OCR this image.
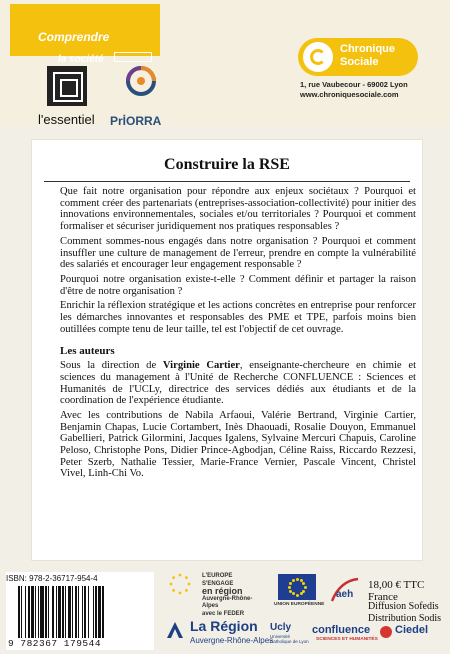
Comprendre
la société
Chronique Sociale
1, rue Vaubecour - 69002 Lyon
www.chroniquesociale.com
l'essentiel PrİORRA
Construire la RSE

Que fait notre organisation pour répondre aux enjeux sociétaux ? Pourquoi et comment créer des partenariats (entreprises-association-collectivité) pour initier des innovations environnementales, sociales et/ou territoriales ? Pourquoi et comment formaliser et sécuriser juridiquement nos pratiques responsables ?

Comment sommes-nous engagés dans notre organisation ? Pourquoi et comment insuffler une culture de management de l'erreur, prendre en compte la vulnérabilité des salariés et encourager leur engagement responsable ?

Pourquoi notre organisation existe-t-elle ? Comment définir et partager la raison d'être de notre organisation ?

Enrichir la réflexion stratégique et les actions concrètes en entreprise pour renforcer les démarches innovantes et responsables des PME et TPE, parfois moins bien outillées compte tenu de leur taille, tel est l'objectif de cet ouvrage.

Les auteurs

Sous la direction de Virginie Cartier, enseignante-chercheure en chimie et sciences du management à l'Unité de Recherche CONFLUENCE : Sciences et Humanités de l'UCLy, directrice des services dédiés aux étudiants et de la coordination de l'expérience étudiante.

Avec les contributions de Nabila Arfaoui, Valérie Bertrand, Virginie Cartier, Benjamin Chapas, Lucie Cortambert, Inès Dhaouadi, Rosalie Douyon, Emmanuel Gabellieri, Patrick Gilormini, Jacques Igalens, Sylvaine Mercuri Chapuis, Caroline Peloso, Christophe Pons, Didier Prince-Agbodjan, Céline Raiss, Riccardo Rezzesi, Peter Szerb, Nathalie Tessier, Marie-France Vernier, Pascale Vincent, Christel Vivel, Linh-Chi Vo.

ISBN: 978-2-36717-954-4
9 782367 179544
L'EUROPE S'ENGAGE
en région
Auvergne-Rhône-Alpes
avec le FEDER
UNION EUROPÉENNE
aeh
18,00 € TTC France
Diffusion Sofedis
Distribution Sodis
La Région
Auvergne-Rhône-Alpes
Ucly
Université Catholique de Lyon
confluence
SCIENCES ET HUMANITÉS
Ciedel
